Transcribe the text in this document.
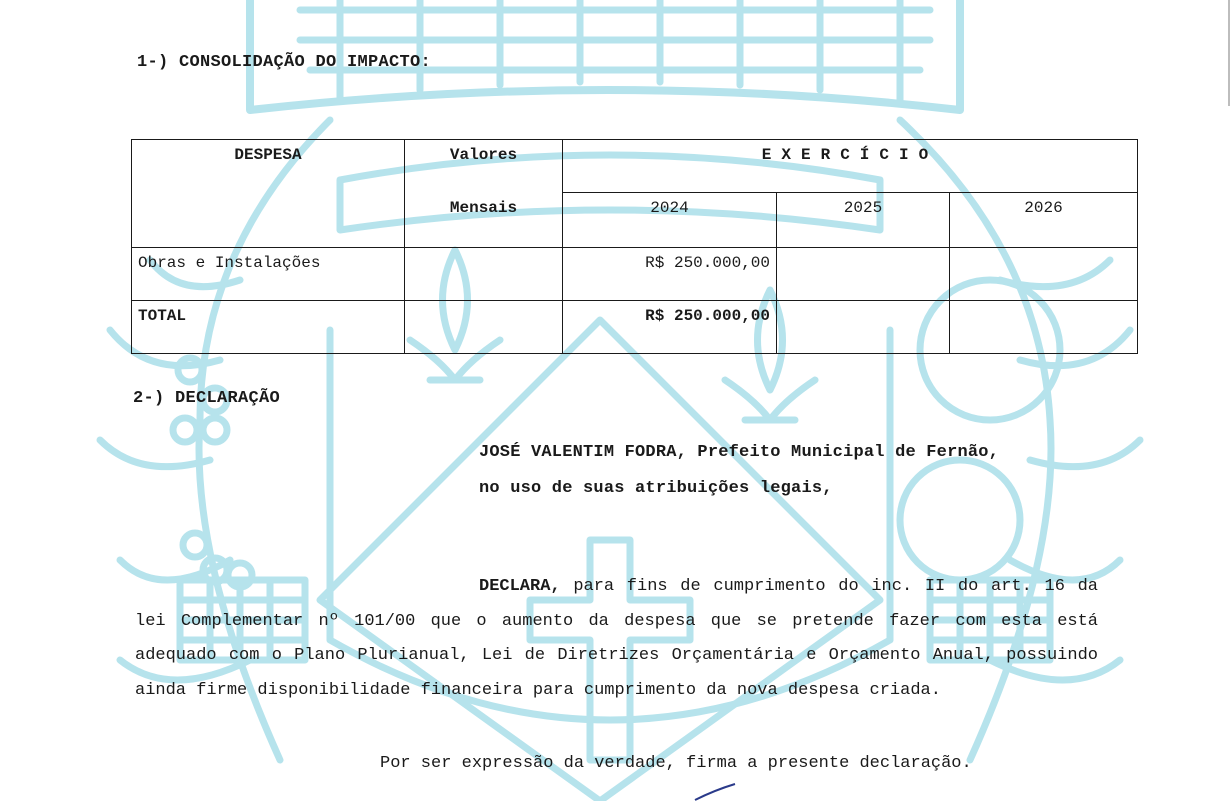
1-) CONSOLIDAÇÃO DO IMPACTO:
DESPESA	Valores	EXERCÍCIO		
	Mensais	2024	2025	2026
Obras e Instalações		R$ 250.000,00		
TOTAL		R$ 250.000,00		
2-) DECLARAÇÃO
JOSÉ VALENTIM FODRA, Prefeito Municipal de Fernão,
no uso de suas atribuições legais,
DECLARA, para fins de cumprimento do inc. II do art. 16 da lei Complementar nº 101/00 que o aumento da despesa que se pretende fazer com esta está adequado com o Plano Plurianual, Lei de Diretrizes Orçamentária e Orçamento Anual, possuindo ainda firme disponibilidade financeira para cumprimento da nova despesa criada.
Por ser expressão da verdade, firma a presente declaração.
